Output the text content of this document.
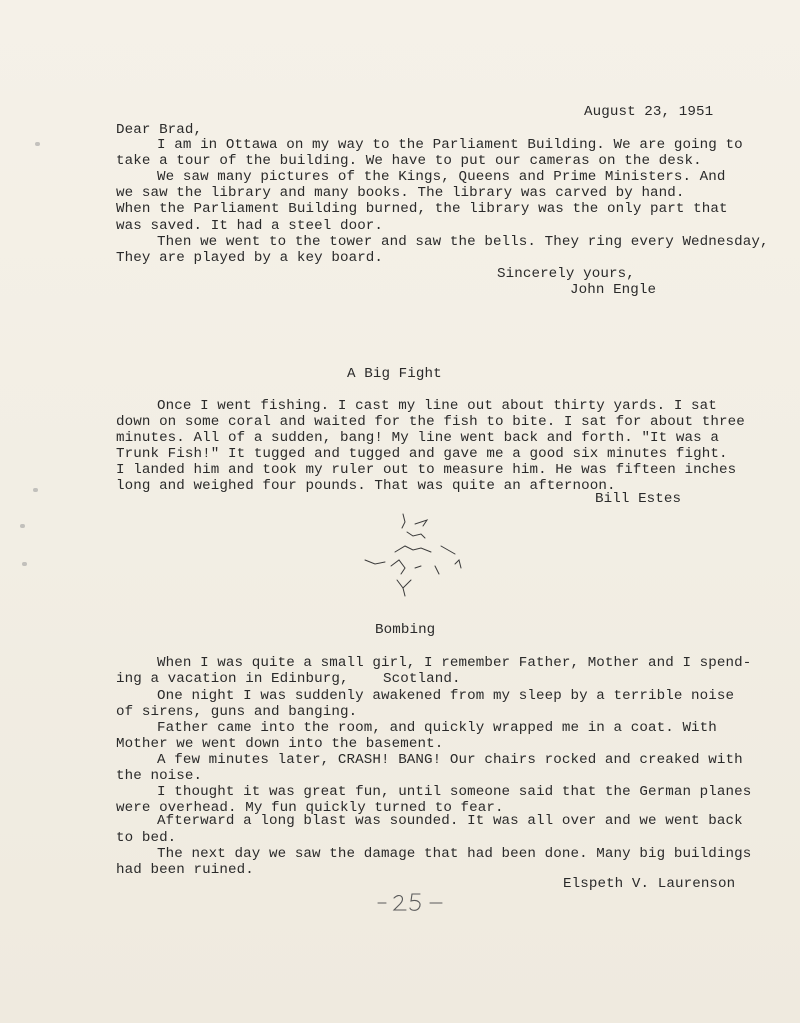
August 23, 1951
Dear Brad,
I am in Ottawa on my way to the Parliament Building. We are going to
take a tour of the building. We have to put our cameras on the desk.
We saw many pictures of the Kings, Queens and Prime Ministers. And
we saw the library and many books. The library was carved by hand.
When the Parliament Building burned, the library was the only part that
was saved. It had a steel door.
Then we went to the tower and saw the bells. They ring every Wednesday,
They are played by a key board.
Sincerely yours,
John Engle
A Big Fight
Once I went fishing. I cast my line out about thirty yards. I sat
down on some coral and waited for the fish to bite. I sat for about three
minutes. All of a sudden, bang! My line went back and forth. "It was a
Trunk Fish!" It tugged and tugged and gave me a good six minutes fight.
I landed him and took my ruler out to measure him. He was fifteen inches
long and weighed four pounds. That was quite an afternoon.
Bill Estes
Bombing
When I was quite a small girl, I remember Father, Mother and I spend-
ing a vacation in Edinburg,    Scotland.
One night I was suddenly awakened from my sleep by a terrible noise
of sirens, guns and banging.
Father came into the room, and quickly wrapped me in a coat. With
Mother we went down into the basement.
A few minutes later, CRASH! BANG! Our chairs rocked and creaked with
the noise.
I thought it was great fun, until someone said that the German planes
were overhead. My fun quickly turned to fear.
Afterward a long blast was sounded. It was all over and we went back
to bed.
The next day we saw the damage that had been done. Many big buildings
had been ruined.
Elspeth V. Laurenson
